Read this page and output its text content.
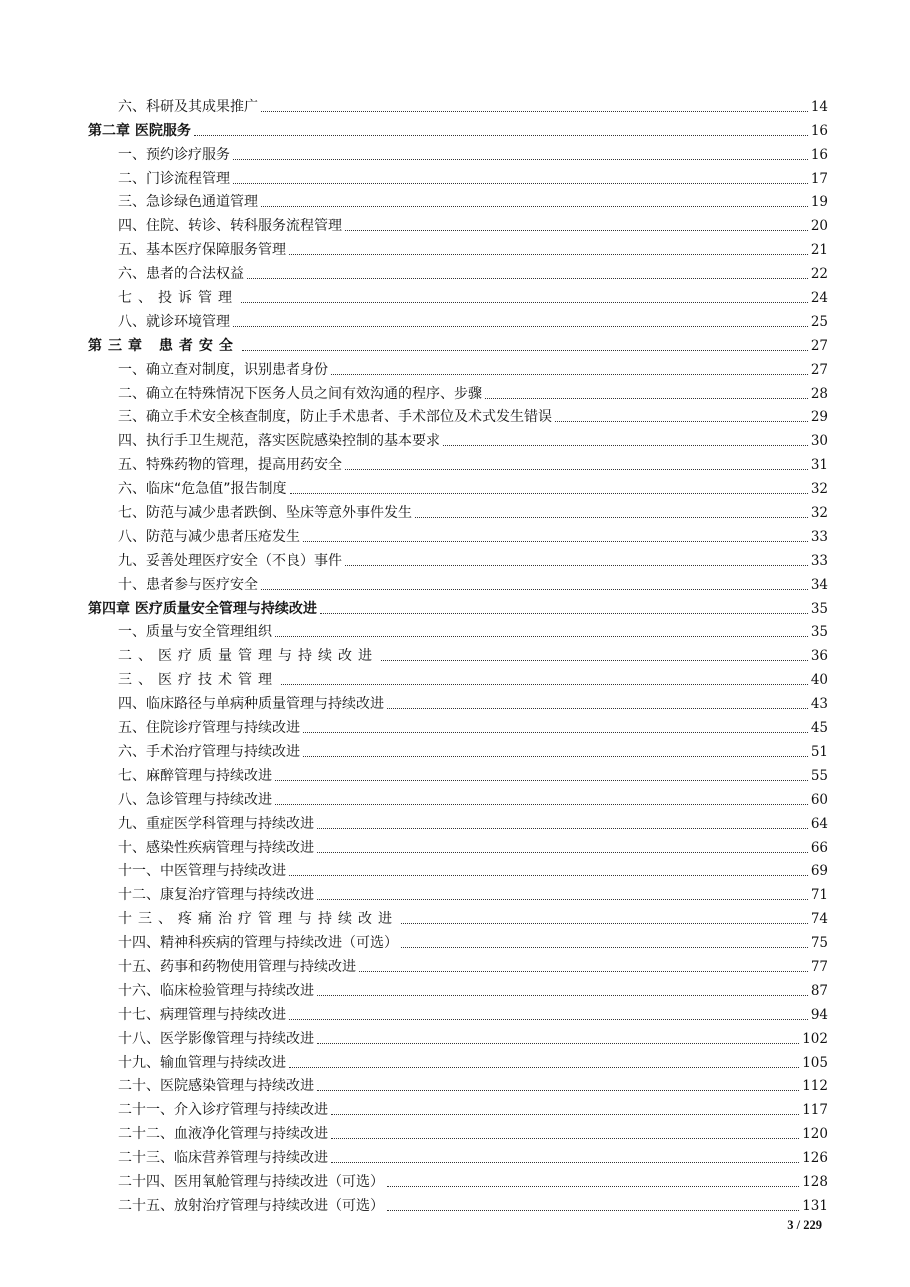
六、科研及其成果推广	14
第二章 医院服务	16
一、预约诊疗服务	16
二、门诊流程管理	17
三、急诊绿色通道管理	19
四、住院、转诊、转科服务流程管理	20
五、基本医疗保障服务管理	21
六、患者的合法权益	22
七、投诉管理	24
八、就诊环境管理	25
第三章 患者安全	27
一、确立查对制度，识别患者身份	27
二、确立在特殊情况下医务人员之间有效沟通的程序、步骤	28
三、确立手术安全核查制度，防止手术患者、手术部位及术式发生错误	29
四、执行手卫生规范，落实医院感染控制的基本要求	30
五、特殊药物的管理，提高用药安全	31
六、临床“危急值”报告制度	32
七、防范与减少患者跌倒、坠床等意外事件发生	32
八、防范与减少患者压疮发生	33
九、妥善处理医疗安全（不良）事件	33
十、患者参与医疗安全	34
第四章 医疗质量安全管理与持续改进	35
一、质量与安全管理组织	35
二、医疗质量管理与持续改进	36
三、医疗技术管理	40
四、临床路径与单病种质量管理与持续改进	43
五、住院诊疗管理与持续改进	45
六、手术治疗管理与持续改进	51
七、麻醉管理与持续改进	55
八、急诊管理与持续改进	60
九、重症医学科管理与持续改进	64
十、感染性疾病管理与持续改进	66
十一、中医管理与持续改进	69
十二、康复治疗管理与持续改进	71
十三、疼痛治疗管理与持续改进	74
十四、精神科疾病的管理与持续改进（可选）	75
十五、药事和药物使用管理与持续改进	77
十六、临床检验管理与持续改进	87
十七、病理管理与持续改进	94
十八、医学影像管理与持续改进	102
十九、输血管理与持续改进	105
二十、医院感染管理与持续改进	112
二十一、介入诊疗管理与持续改进	117
二十二、血液净化管理与持续改进	120
二十三、临床营养管理与持续改进	126
二十四、医用氧舱管理与持续改进（可选）	128
二十五、放射治疗管理与持续改进（可选）	131
3 / 229
